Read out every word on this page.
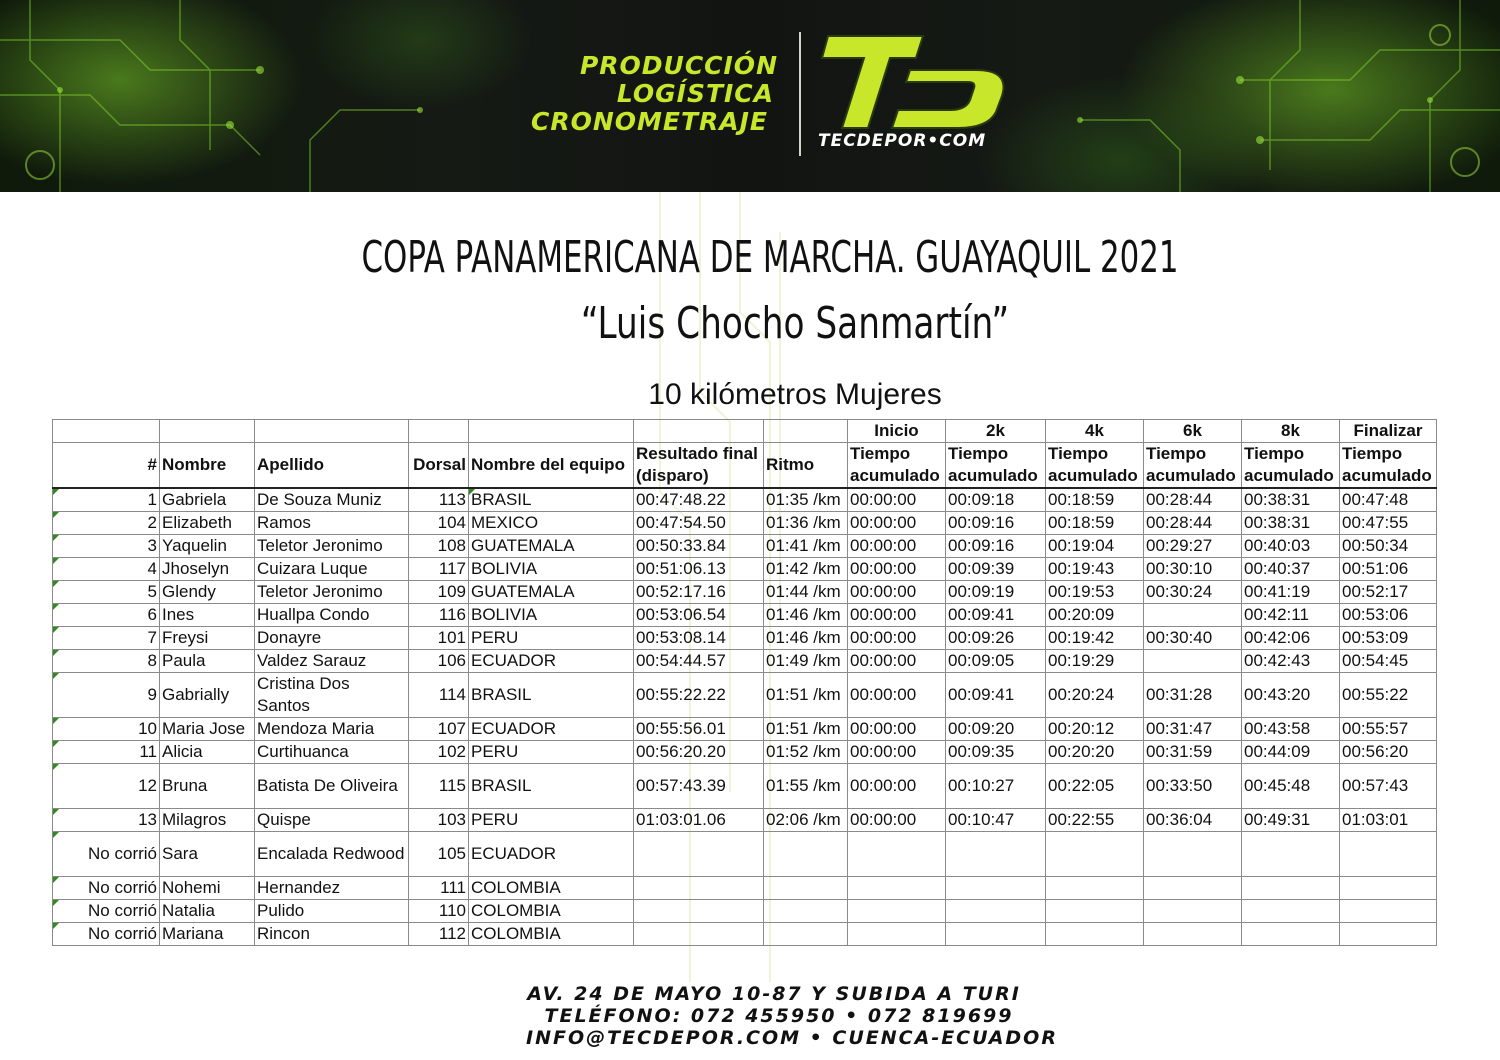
PRODUCCIÓN
LOGÍSTICA
CRONOMETRAJE
TECDEPOR•COM
COPA PANAMERICANA DE MARCHA. GUAYAQUIL 2021
“Luis Chocho Sanmartín”
10 kilómetros Mujeres
							Inicio	2k	4k	6k	8k	Finalizar
#	Nombre	Apellido	Dorsal	Nombre del equipo	Resultado final (disparo)	Ritmo	Tiempo acumulado	Tiempo acumulado	Tiempo acumulado	Tiempo acumulado	Tiempo acumulado	Tiempo acumulado
1	Gabriela	De Souza Muniz	113	BRASIL	00:47:48.22	01:35 /km	00:00:00	00:09:18	00:18:59	00:28:44	00:38:31	00:47:48
2	Elizabeth	Ramos	104	MEXICO	00:47:54.50	01:36 /km	00:00:00	00:09:16	00:18:59	00:28:44	00:38:31	00:47:55
3	Yaquelin	Teletor Jeronimo	108	GUATEMALA	00:50:33.84	01:41 /km	00:00:00	00:09:16	00:19:04	00:29:27	00:40:03	00:50:34
4	Jhoselyn	Cuizara Luque	117	BOLIVIA	00:51:06.13	01:42 /km	00:00:00	00:09:39	00:19:43	00:30:10	00:40:37	00:51:06
5	Glendy	Teletor Jeronimo	109	GUATEMALA	00:52:17.16	01:44 /km	00:00:00	00:09:19	00:19:53	00:30:24	00:41:19	00:52:17
6	Ines	Huallpa Condo	116	BOLIVIA	00:53:06.54	01:46 /km	00:00:00	00:09:41	00:20:09		00:42:11	00:53:06
7	Freysi	Donayre	101	PERU	00:53:08.14	01:46 /km	00:00:00	00:09:26	00:19:42	00:30:40	00:42:06	00:53:09
8	Paula	Valdez Sarauz	106	ECUADOR	00:54:44.57	01:49 /km	00:00:00	00:09:05	00:19:29		00:42:43	00:54:45
9	Gabrially	Cristina Dos Santos	114	BRASIL	00:55:22.22	01:51 /km	00:00:00	00:09:41	00:20:24	00:31:28	00:43:20	00:55:22
10	Maria Jose	Mendoza Maria	107	ECUADOR	00:55:56.01	01:51 /km	00:00:00	00:09:20	00:20:12	00:31:47	00:43:58	00:55:57
11	Alicia	Curtihuanca	102	PERU	00:56:20.20	01:52 /km	00:00:00	00:09:35	00:20:20	00:31:59	00:44:09	00:56:20
12	Bruna	Batista De Oliveira	115	BRASIL	00:57:43.39	01:55 /km	00:00:00	00:10:27	00:22:05	00:33:50	00:45:48	00:57:43
13	Milagros	Quispe	103	PERU	01:03:01.06	02:06 /km	00:00:00	00:10:47	00:22:55	00:36:04	00:49:31	01:03:01
No corrió	Sara	Encalada Redwood	105	ECUADOR								
No corrió	Nohemi	Hernandez	111	COLOMBIA								
No corrió	Natalia	Pulido	110	COLOMBIA								
No corrió	Mariana	Rincon	112	COLOMBIA								
AV. 24 DE MAYO 10-87 Y SUBIDA A TURI
TELÉFONO: 072 455950 • 072 819699
INFO@TECDEPOR.COM • CUENCA-ECUADOR
